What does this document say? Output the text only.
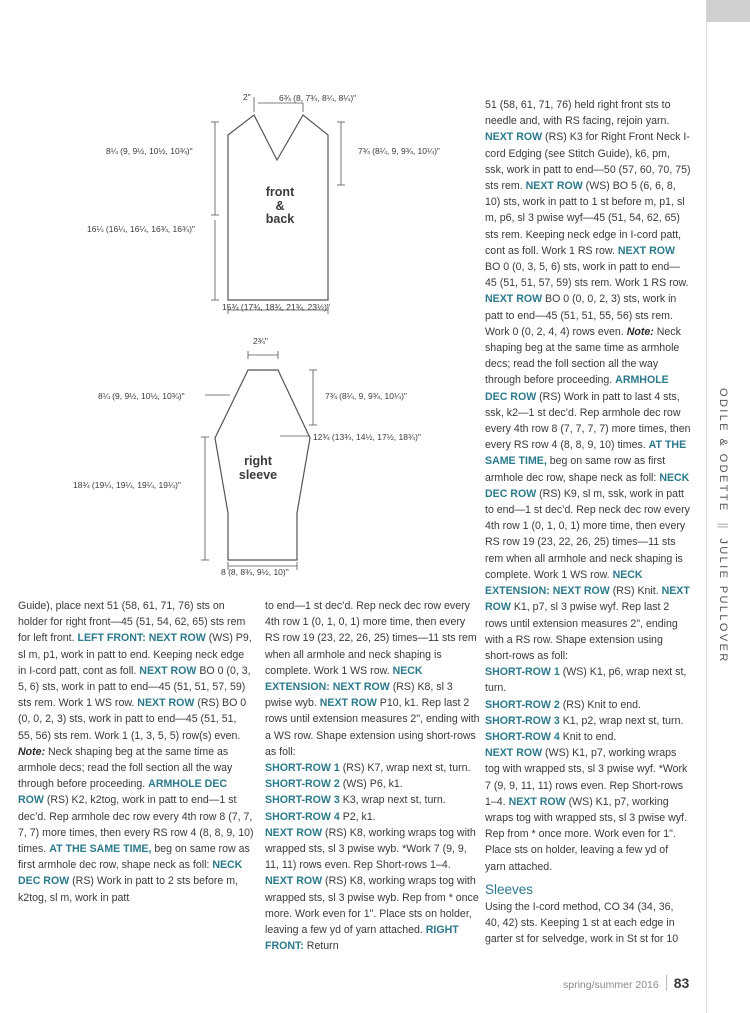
ODILE & ODETTE||JULIE PULLOVER
2"	6¾ (8, 7¾, 8¼, 8¼)"
8¼ (9, 9½, 10½, 10¾)"	7¾ (8¼, 9, 9¾, 10¼)"
16¼ (16¼, 16¼, 16¾, 16¾)"
15¾ (17¾, 18¾, 21¾, 23½)"
front
&
back
2¾"
8¼ (9, 9½, 10½, 10¾)"	7¾ (8¼, 9, 9¾, 10¼)"
12¾ (13¾, 14½, 17½, 18¾)"
18¾ (19¼, 19¼, 19¼, 19¼)"
8 (8, 8¾, 9½, 10)"
right
sleeve

Guide), place next 51 (58, 61, 71, 76) sts on holder for right front—45 (51, 54, 62, 65) sts rem for left front. LEFT FRONT: NEXT ROW (WS) P9, sl m, p1, work in patt to end. Keeping neck edge in I-cord patt, cont as foll. NEXT ROW BO 0 (0, 3, 5, 6) sts, work in patt to end—45 (51, 51, 57, 59) sts rem. Work 1 WS row. NEXT ROW (RS) BO 0 (0, 0, 2, 3) sts, work in patt to end—45 (51, 51, 55, 56) sts rem. Work 1 (1, 3, 5, 5) row(s) even. Note: Neck shaping beg at the same time as armhole decs; read the foll section all the way through before proceeding. ARMHOLE DEC ROW (RS) K2, k2tog, work in patt to end—1 st dec’d. Rep armhole dec row every 4th row 8 (7, 7, 7, 7) more times, then every RS row 4 (8, 8, 9, 10) times. AT THE SAME TIME, beg on same row as first armhole dec row, shape neck as foll: NECK DEC ROW (RS) Work in patt to 2 sts before m, k2tog, sl m, work in patt

to end—1 st dec’d. Rep neck dec row every 4th row 1 (0, 1, 0, 1) more time, then every RS row 19 (23, 22, 26, 25) times—11 sts rem when all armhole and neck shaping is complete. Work 1 WS row. NECK EXTENSION: NEXT ROW (RS) K8, sl 3 pwise wyb. NEXT ROW P10, k1. Rep last 2 rows until extension measures 2", ending with a WS row. Shape extension using short-rows as foll:

SHORT-ROW 1 (RS) K7, wrap next st, turn.

SHORT-ROW 2 (WS) P6, k1.

SHORT-ROW 3 K3, wrap next st, turn.

SHORT-ROW 4 P2, k1.

NEXT ROW (RS) K8, working wraps tog with wrapped sts, sl 3 pwise wyb. *Work 7 (9, 9, 11, 11) rows even. Rep Short-rows 1–4. NEXT ROW (RS) K8, working wraps tog with wrapped sts, sl 3 pwise wyb. Rep from * once more. Work even for 1". Place sts on holder, leaving a few yd of yarn attached. RIGHT FRONT: Return

51 (58, 61, 71, 76) held right front sts to needle and, with RS facing, rejoin yarn. NEXT ROW (RS) K3 for Right Front Neck I-cord Edging (see Stitch Guide), k6, pm, ssk, work in patt to end—50 (57, 60, 70, 75) sts rem. NEXT ROW (WS) BO 5 (6, 6, 8, 10) sts, work in patt to 1 st before m, p1, sl m, p6, sl 3 pwise wyf—45 (51, 54, 62, 65) sts rem. Keeping neck edge in I-cord patt, cont as foll. Work 1 RS row. NEXT ROW BO 0 (0, 3, 5, 6) sts, work in patt to end—45 (51, 51, 57, 59) sts rem. Work 1 RS row. NEXT ROW BO 0 (0, 0, 2, 3) sts, work in patt to end—45 (51, 51, 55, 56) sts rem. Work 0 (0, 2, 4, 4) rows even. Note: Neck shaping beg at the same time as armhole decs; read the foll section all the way through before proceeding. ARMHOLE DEC ROW (RS) Work in patt to last 4 sts, ssk, k2—1 st dec’d. Rep armhole dec row every 4th row 8 (7, 7, 7, 7) more times, then every RS row 4 (8, 8, 9, 10) times. AT THE SAME TIME, beg on same row as first armhole dec row, shape neck as foll: NECK DEC ROW (RS) K9, sl m, ssk, work in patt to end—1 st dec’d. Rep neck dec row every 4th row 1 (0, 1, 0, 1) more time, then every RS row 19 (23, 22, 26, 25) times—11 sts rem when all armhole and neck shaping is complete. Work 1 WS row. NECK EXTENSION: NEXT ROW (RS) Knit. NEXT ROW K1, p7, sl 3 pwise wyf. Rep last 2 rows until extension measures 2", ending with a RS row. Shape extension using short-rows as foll:

SHORT-ROW 1 (WS) K1, p6, wrap next st, turn.

SHORT-ROW 2 (RS) Knit to end.

SHORT-ROW 3 K1, p2, wrap next st, turn.

SHORT-ROW 4 Knit to end.

NEXT ROW (WS) K1, p7, working wraps tog with wrapped sts, sl 3 pwise wyf. *Work 7 (9, 9, 11, 11) rows even. Rep Short-rows 1–4. NEXT ROW (WS) K1, p7, working wraps tog with wrapped sts, sl 3 pwise wyf. Rep from * once more. Work even for 1". Place sts on holder, leaving a few yd of yarn attached.

Sleeves

Using the I-cord method, CO 34 (34, 36, 40, 42) sts. Keeping 1 st at each edge in garter st for selvedge, work in St st for 10

spring/summer 2016 83
